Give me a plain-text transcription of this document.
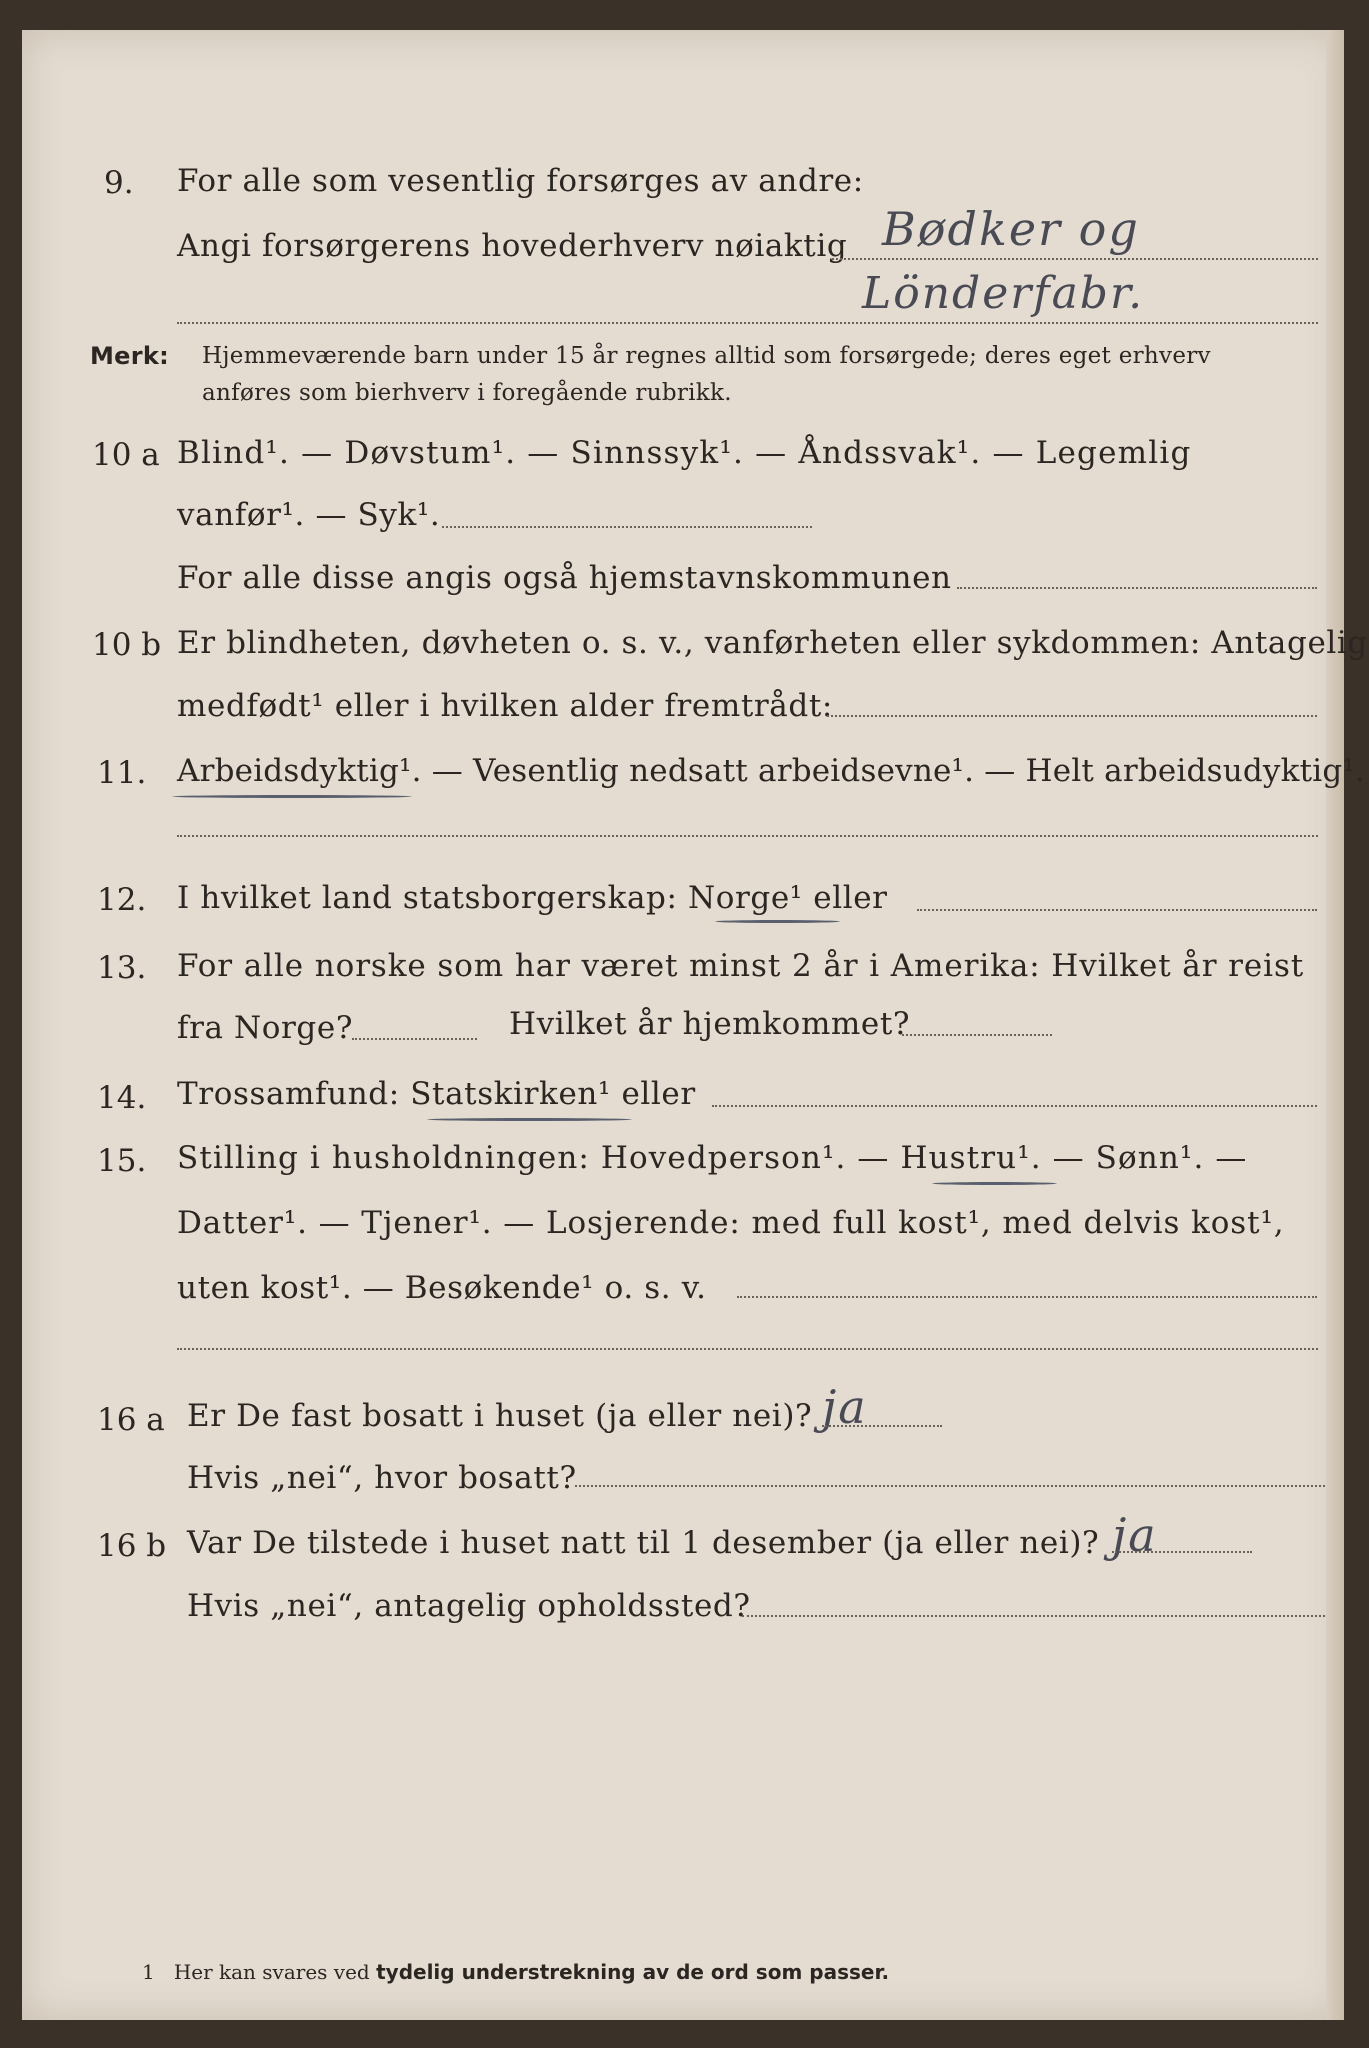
9. For alle som vesentlig forsørges av andre:
Angi forsørgerens hovederhverv nøiaktig Bødker og
Lönderfabr.
Merk: Hjemmeværende barn under 15 år regnes alltid som forsørgede; deres eget erhverv
anføres som bierhverv i foregående rubrikk.
10 a Blind¹. — Døvstum¹. — Sinnssyk¹. — Åndssvak¹. — Legemlig
vanfør¹. — Syk¹.
For alle disse angis også hjemstavnskommunen
10 b Er blindheten, døvheten o. s. v., vanførheten eller sykdommen: Antagelig
medfødt¹ eller i hvilken alder fremtrådt:
11. Arbeidsdyktig¹. — Vesentlig nedsatt arbeidsevne¹. — Helt arbeidsudyktig¹.
12. I hvilket land statsborgerskap: Norge¹ eller
13. For alle norske som har været minst 2 år i Amerika: Hvilket år reist
fra Norge?	Hvilket år hjemkommet?
14. Trossamfund: Statskirken¹ eller
15. Stilling i husholdningen: Hovedperson¹. — Hustru¹. — Sønn¹. —
Datter¹. — Tjener¹. — Losjerende: med full kost¹, med delvis kost¹,
uten kost¹. — Besøkende¹ o. s. v.
16 a Er De fast bosatt i huset (ja eller nei)? ja
Hvis „nei“, hvor bosatt?
16 b Var De tilstede i huset natt til 1 desember (ja eller nei)? ja
Hvis „nei“, antagelig opholdssted?
1 Her kan svares ved tydelig understrekning av de ord som passer.
